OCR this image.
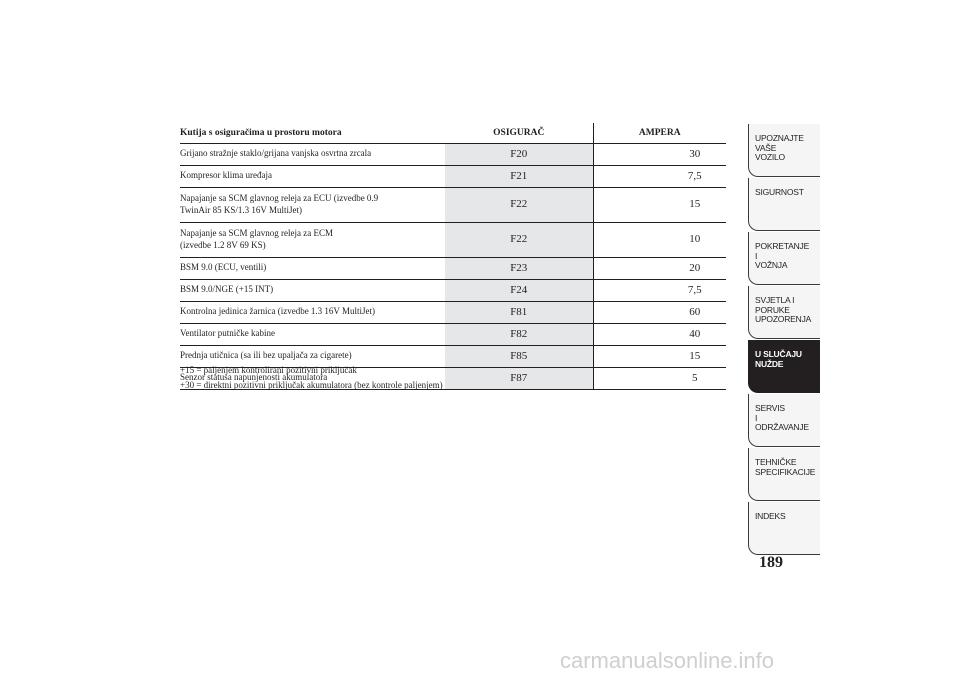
Kutija s osiguračima u prostoru motora	OSIGURAČ	AMPERA
Grijano stražnje staklo/grijana vanjska osvrtna zrcala	F20	30
Kompresor klima uređaja	F21	7,5
Napajanje sa SCM glavnog releja za ECU (izvedbe 0.9
TwinAir 85 KS/1.3 16V MultiJet)	F22	15
Napajanje sa SCM glavnog releja za ECM
(izvedbe 1.2 8V 69 KS)	F22	10
BSM 9.0 (ECU, ventili)	F23	20
BSM 9.0/NGE (+15 INT)	F24	7,5
Kontrolna jedinica žarnica (izvedbe 1.3 16V MultiJet)	F81	60
Ventilator putničke kabine	F82	40
Prednja utičnica (sa ili bez upaljača za cigarete)	F85	15
Senzor statusa napunjenosti akumulatora	F87	5

+15 = paljenjem kontrolirani pozitivni priključak

+30 = direktni pozitivni priključak akumulatora (bez kontrole paljenjem)

UPOZNAJTE
VAŠE
VOZILO
SIGURNOST
POKRETANJE
I
VOŽNJA
SVJETLA I
PORUKE
UPOZORENJA
U SLUČAJU
NUŽDE
SERVIS
I
ODRŽAVANJE
TEHNIČKE
SPECIFIKACIJE
INDEKS
189
carmanualsonline.info
